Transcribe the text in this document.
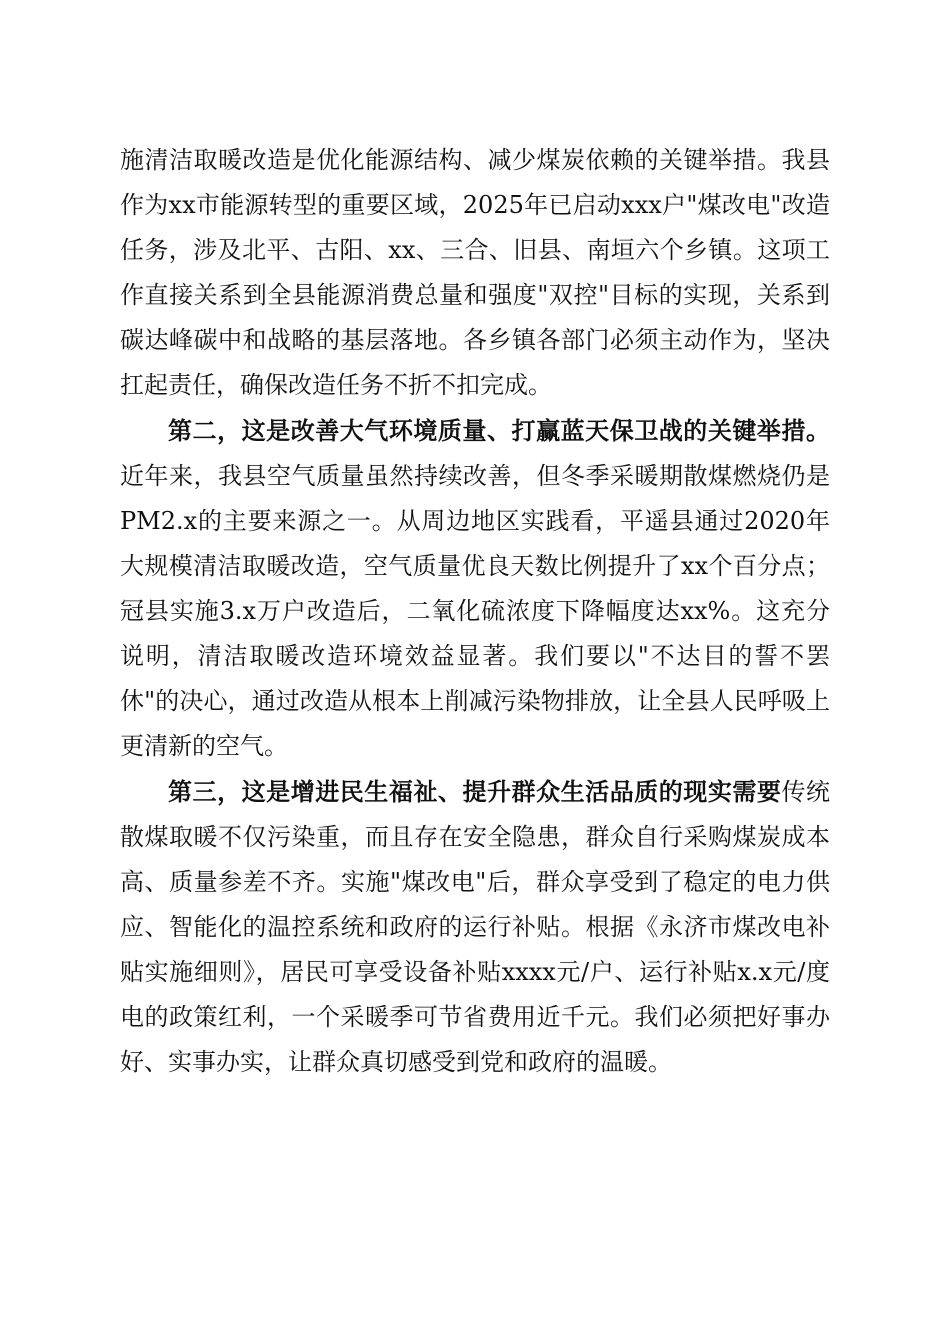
施清洁取暖改造是优化能源结构、减少煤炭依赖的关键举措。我县作为xx市能源转型的重要区域，2025年已启动xxx户"煤改电"改造任务，涉及北平、古阳、xx、三合、旧县、南垣六个乡镇。这项工作直接关系到全县能源消费总量和强度"双控"目标的实现，关系到碳达峰碳中和战略的基层落地。各乡镇各部门必须主动作为，坚决扛起责任，确保改造任务不折不扣完成。

第二，这是改善大气环境质量、打赢蓝天保卫战的关键举措。近年来，我县空气质量虽然持续改善，但冬季采暖期散煤燃烧仍是PM2.x的主要来源之一。从周边地区实践看，平遥县通过2020年大规模清洁取暖改造，空气质量优良天数比例提升了xx个百分点；冠县实施3.x万户改造后，二氧化硫浓度下降幅度达xx%。这充分说明，清洁取暖改造环境效益显著。我们要以"不达目的誓不罢休"的决心，通过改造从根本上削减污染物排放，让全县人民呼吸上更清新的空气。

第三，这是增进民生福祉、提升群众生活品质的现实需要传统散煤取暖不仅污染重，而且存在安全隐患，群众自行采购煤炭成本高、质量参差不齐。实施"煤改电"后，群众享受到了稳定的电力供应、智能化的温控系统和政府的运行补贴。根据《永济市煤改电补贴实施细则》，居民可享受设备补贴xxxx元/户、运行补贴x.x元/度电的政策红利，一个采暖季可节省费用近千元。我们必须把好事办好、实事办实，让群众真切感受到党和政府的温暖。
